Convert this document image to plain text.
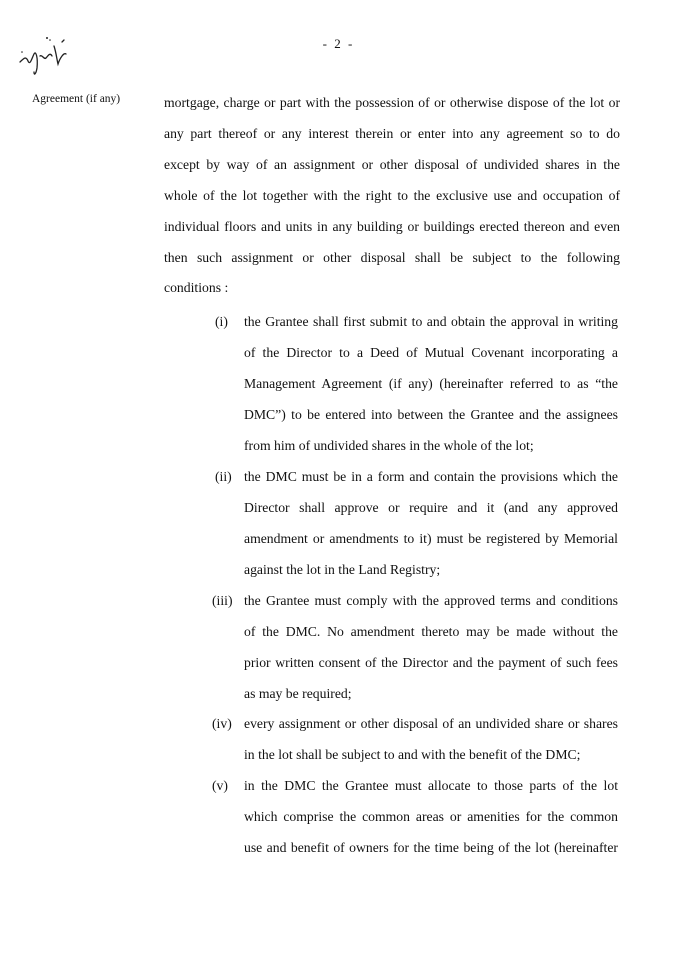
- 2 -
Agreement (if any)	mortgage, charge or part with the possession of or otherwise dispose of the lot or
any part thereof or any interest therein or enter into any agreement so to do
except by way of an assignment or other disposal of undivided shares in the
whole of the lot together with the right to the exclusive use and occupation of
individual floors and units in any building or buildings erected thereon and even
then such assignment or other disposal shall be subject to the following
conditions :
(i) the Grantee shall first submit to and obtain the approval in writing
of the Director to a Deed of Mutual Covenant incorporating a
Management Agreement (if any) (hereinafter referred to as “the
DMC”) to be entered into between the Grantee and the assignees
from him of undivided shares in the whole of the lot;
(ii) the DMC must be in a form and contain the provisions which the
Director shall approve or require and it (and any approved
amendment or amendments to it) must be registered by Memorial
against the lot in the Land Registry;
(iii) the Grantee must comply with the approved terms and conditions
of the DMC. No amendment thereto may be made without the
prior written consent of the Director and the payment of such fees
as may be required;
(iv) every assignment or other disposal of an undivided share or shares
in the lot shall be subject to and with the benefit of the DMC;
(v) in the DMC the Grantee must allocate to those parts of the lot
which comprise the common areas or amenities for the common
use and benefit of owners for the time being of the lot (hereinafter
